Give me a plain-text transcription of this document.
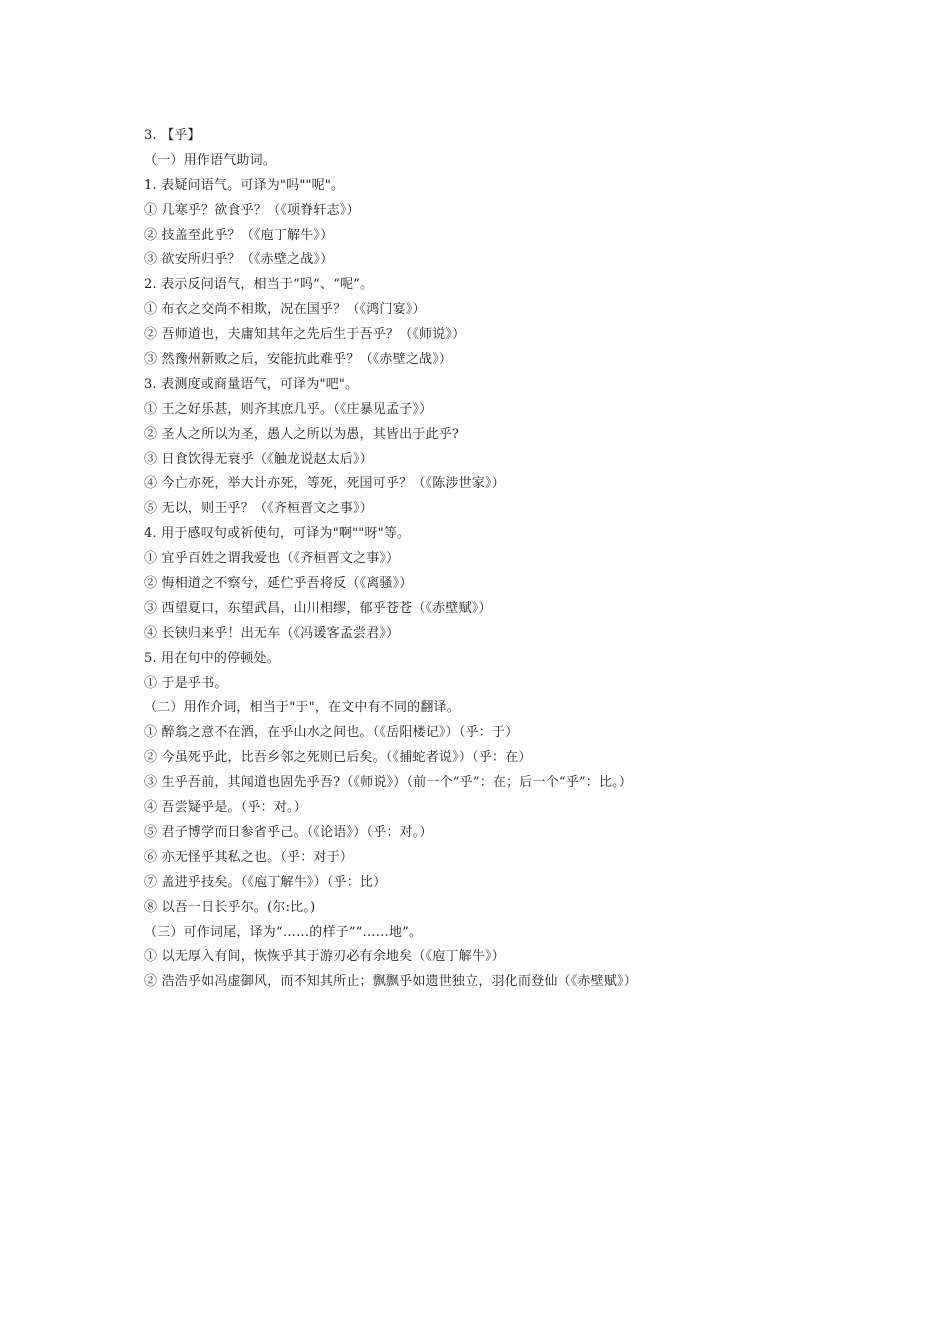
3. 【乎】
（一）用作语气助词。
1. 表疑问语气。可译为"吗""呢"。
① 几寒乎？欲食乎？（《项脊轩志》）
② 技盖至此乎？（《庖丁解牛》）
③ 欲安所归乎？（《赤壁之战》）
2. 表示反问语气，相当于“吗”、“呢”。
① 布衣之交尚不相欺，况在国乎？（《鸿门宴》）
② 吾师道也，夫庸知其年之先后生于吾乎？（《师说》）
③ 然豫州新败之后，安能抗此难乎？（《赤壁之战》）
3. 表测度或商量语气，可译为"吧"。
① 王之好乐甚，则齐其庶几乎。（《庄暴见孟子》）
② 圣人之所以为圣，愚人之所以为愚，其皆出于此乎?
③ 日食饮得无衰乎（《触龙说赵太后》）
④ 今亡亦死，举大计亦死，等死，死国可乎？（《陈涉世家》）
⑤ 无以，则王乎？（《齐桓晋文之事》）
4. 用于感叹句或祈使句，可译为"啊""呀"等。
① 宜乎百姓之谓我爱也（《齐桓晋文之事》）
② 悔相道之不察兮，延伫乎吾将反（《离骚》）
③ 西望夏口，东望武昌，山川相缪，郁乎苍苍（《赤壁赋》）
④ 长铗归来乎！出无车（《冯谖客孟尝君》）
5. 用在句中的停顿处。
① 于是乎书。
（二）用作介词，相当于"于"，在文中有不同的翻译。
① 醉翁之意不在酒，在乎山水之间也。（《岳阳楼记》）（乎：于）
② 今虽死乎此，比吾乡邻之死则已后矣。（《捕蛇者说》）（乎：在）
③ 生乎吾前，其闻道也固先乎吾?（《师说》）（前一个“乎”：在；后一个“乎”：比。）
④ 吾尝疑乎是。（乎：对。）
⑤ 君子博学而日参省乎己。（《论语》）（乎：对。）
⑥ 亦无怪乎其私之也。（乎：对于）
⑦ 盖进乎技矣。（《庖丁解牛》）（乎：比）
⑧ 以吾一日长乎尔。(尔:比。)
（三）可作词尾，译为“……的样子”“……地”。
① 以无厚入有间，恢恢乎其于游刃必有余地矣（《庖丁解牛》）
② 浩浩乎如冯虚御风，而不知其所止；飘飘乎如遗世独立，羽化而登仙（《赤壁赋》）
